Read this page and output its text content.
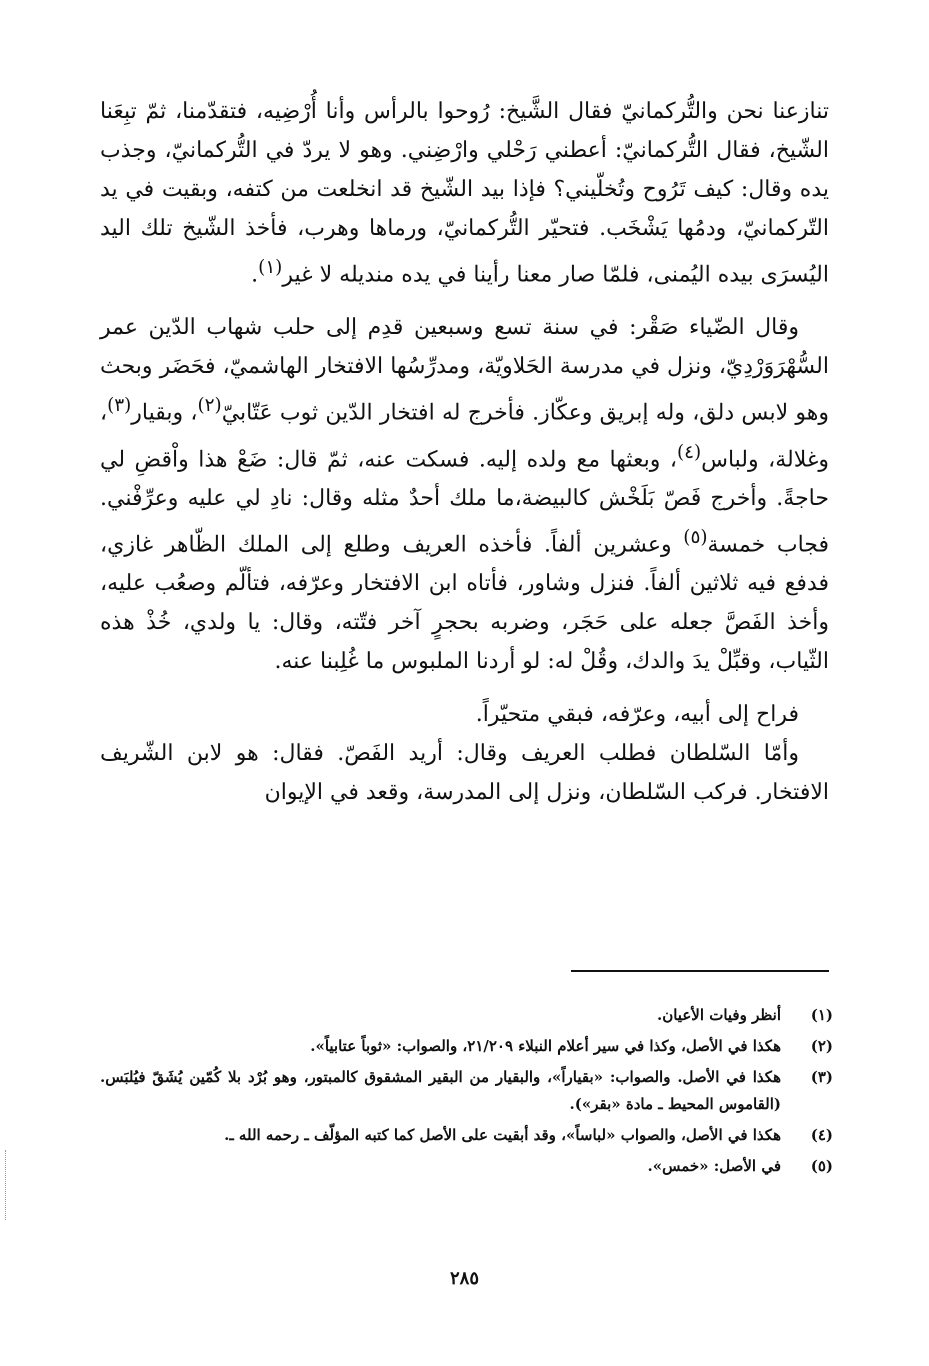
تنازعنا نحن والتُّركمانيّ فقال الشَّيخ: رُوحوا بالرأس وأنا أُرْضِيه، فتقدّمنا، ثمّ تبِعَنا الشّيخ، فقال التُّركمانيّ: أعطني رَحْلي وارْضِني. وهو لا يردّ في التُّركمانيّ، وجذب يده وقال: كيف تَرُوح وتُخلّيني؟ فإذا بيد الشّيخ قد انخلعت من كتفه، وبقيت في يد التّركمانيّ، ودمُها يَشْخَب. فتحيّر التُّركمانيّ، ورماها وهرب، فأخذ الشّيخ تلك اليد اليُسرَى بيده اليُمنى، فلمّا صار معنا رأينا في يده منديله لا غير$^{(١)}$.

وقال الضّياء صَقْر: في سنة تسع وسبعين قدِم إلى حلب شهاب الدّين عمر السُّهْرَوَرْدِيّ، ونزل في مدرسة الحَلاويّة، ومدرِّسُها الافتخار الهاشميّ، فحَضَر وبحث وهو لابس دلق، وله إبريق وعكّاز. فأخرج له افتخار الدّين ثوب عَتّابيّ$^{(٢)}$، وبقيار$^{(٣)}$، وغلالة، ولباس$^{(٤)}$، وبعثها مع ولده إليه. فسكت عنه، ثمّ قال: ضَعْ هذا واْقضِ لي حاجةً. وأخرج فَصّ بَلَخْش كالبيضة،ما ملك أحدٌ مثله وقال: نادِ لي عليه وعرِّفْني. فجاب خمسة$^{(٥)}$ وعشرين ألفاً. فأخذه العريف وطلع إلى الملك الظّاهر غازي، فدفع فيه ثلاثين ألفاً. فنزل وشاور، فأتاه ابن الافتخار وعرّفه، فتألّم وصعُب عليه، وأخذ الفَصَّ جعله على حَجَر، وضربه بحجرٍ آخر فتّته، وقال: يا ولدي، خُذْ هذه الثّياب، وقبِّلْ يدَ والدك، وقُلْ له: لو أردنا الملبوس ما غُلِبنا عنه.

فراح إلى أبيه، وعرّفه، فبقي متحيّراً.

وأمّا السّلطان فطلب العريف وقال: أريد الفَصّ. فقال: هو لابن الشّريف الافتخار. فركب السّلطان، ونزل إلى المدرسة، وقعد في الإيوان

(١)
أنظر وفيات الأعيان.
(٢)
هكذا في الأصل، وكذا في سير أعلام النبلاء ٢١/٢٠٩، والصواب: «ثوباً عتابياً».
(٣)
هكذا في الأصل. والصواب: «بقياراً»، والبقيار من البقير المشقوق كالمبتور، وهو بُرْد بلا كُمّين يُشَقّ فيُلبَس. (القاموس المحيط ـ مادة «بقر»).
(٤)
هكذا في الأصل، والصواب «لباساً»، وقد أبقيت على الأصل كما كتبه المؤلّف ـ رحمه الله ـ.
(٥)
في الأصل: «خمس».
٢٨٥
